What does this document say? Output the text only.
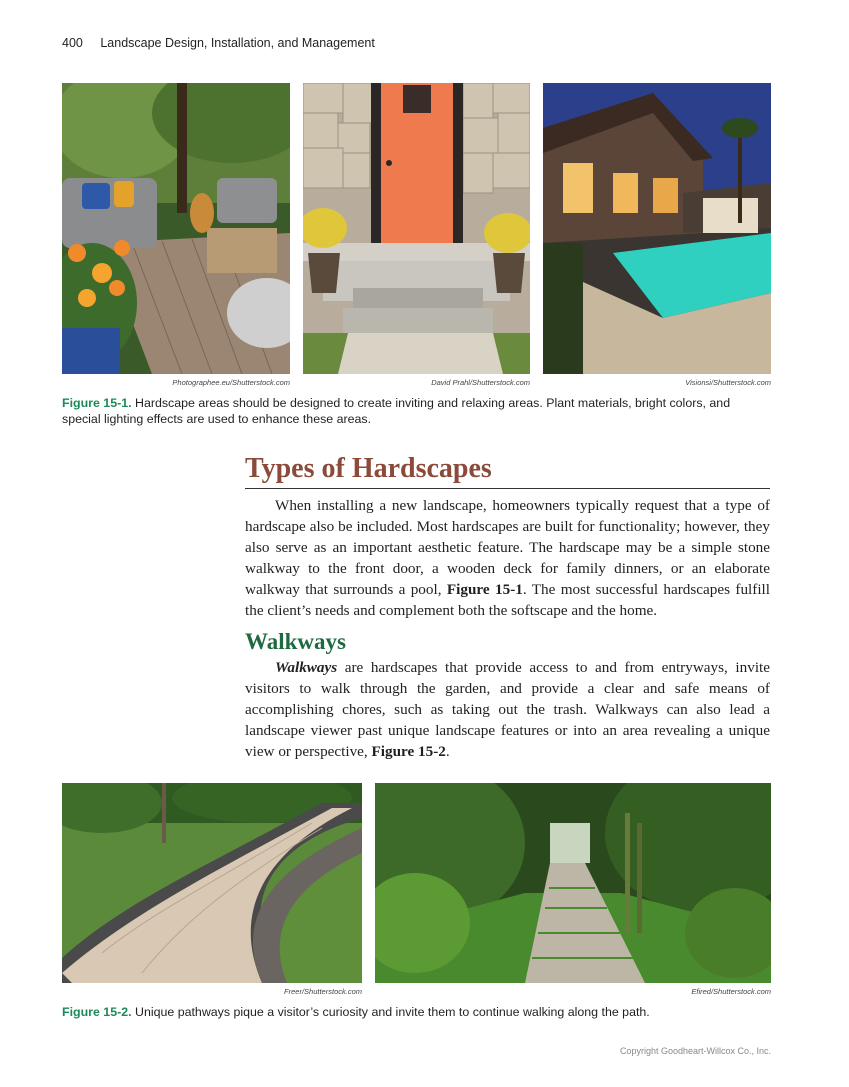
400 Landscape Design, Installation, and Management
Photographee.eu/Shutterstock.com	David Prahl/Shutterstock.com	Visionsi/Shutterstock.com
Figure 15-1. Hardscape areas should be designed to create inviting and relaxing areas. Plant materials, bright colors, and special lighting effects are used to enhance these areas.
Types of Hardscapes

When installing a new landscape, homeowners typically request that a type of hardscape also be included. Most hardscapes are built for functionality; however, they also serve as an important aesthetic feature. The hardscape may be a simple stone walkway to the front door, a wooden deck for family dinners, or an elaborate walkway that surrounds a pool, Figure 15-1. The most successful hardscapes fulfill the client’s needs and complement both the softscape and the home.

Walkways

Walkways are hardscapes that provide access to and from entryways, invite visitors to walk through the garden, and provide a clear and safe means of accomplishing chores, such as taking out the trash. Walkways can also lead a landscape viewer past unique landscape features or into an area revealing a unique view or perspective, Figure 15-2.

Freer/Shutterstock.com	Efired/Shutterstock.com
Figure 15-2. Unique pathways pique a visitor’s curiosity and invite them to continue walking along the path.
Copyright Goodheart-Willcox Co., Inc.
